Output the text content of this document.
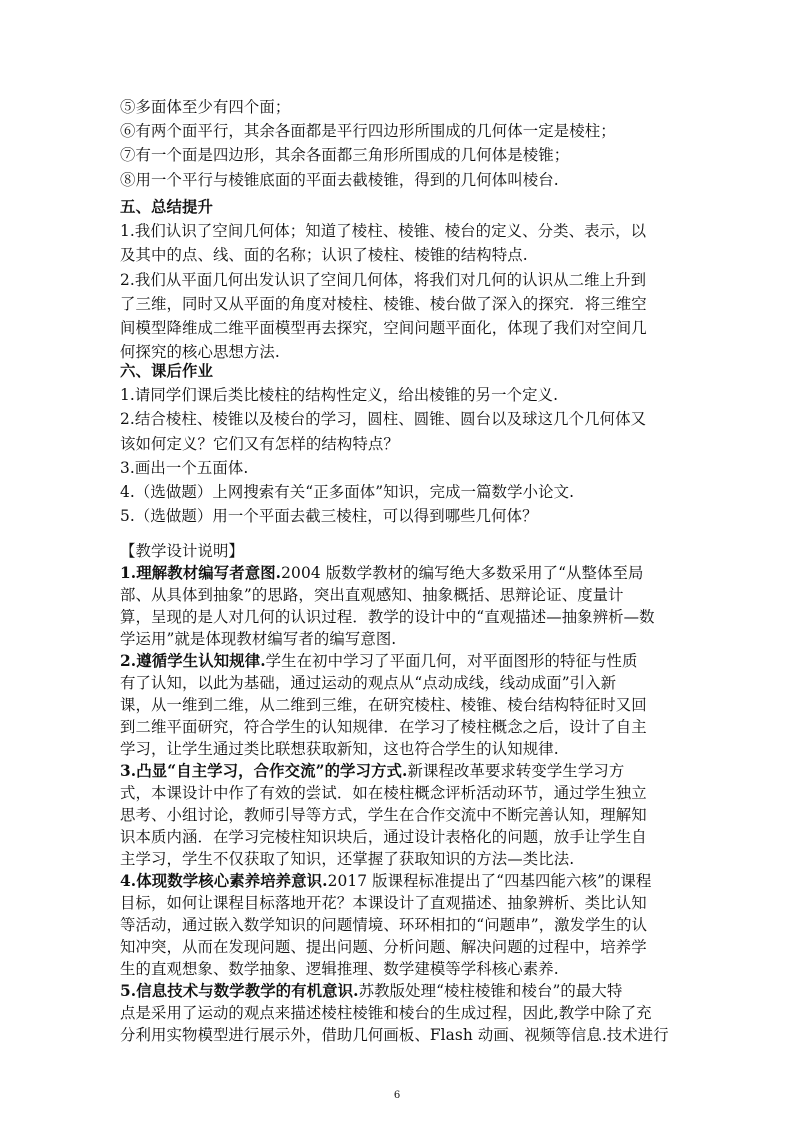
⑤多面体至少有四个面；
⑥有两个面平行，其余各面都是平行四边形所围成的几何体一定是棱柱；
⑦有一个面是四边形，其余各面都三角形所围成的几何体是棱锥；
⑧用一个平行与棱锥底面的平面去截棱锥，得到的几何体叫棱台.
五、总结提升
1.我们认识了空间几何体；知道了棱柱、棱锥、棱台的定义、分类、表示，以
及其中的点、线、面的名称；认识了棱柱、棱锥的结构特点.
2.我们从平面几何出发认识了空间几何体，将我们对几何的认识从二维上升到
了三维，同时又从平面的角度对棱柱、棱锥、棱台做了深入的探究．将三维空
间模型降维成二维平面模型再去探究，空间问题平面化，体现了我们对空间几
何探究的核心思想方法.
六、课后作业
1.请同学们课后类比棱柱的结构性定义，给出棱锥的另一个定义.
2.结合棱柱、棱锥以及棱台的学习，圆柱、圆锥、圆台以及球这几个几何体又
该如何定义？它们又有怎样的结构特点？
3.画出一个五面体.
4.（选做题）上网搜索有关“正多面体”知识，完成一篇数学小论文.
5.（选做题）用一个平面去截三棱柱，可以得到哪些几何体？
【教学设计说明】
1.理解教材编写者意图.2004 版数学教材的编写绝大多数采用了“从整体至局
部、从具体到抽象”的思路，突出直观感知、抽象概括、思辩论证、度量计
算，呈现的是人对几何的认识过程．教学的设计中的“直观描述—抽象辨析—数
学运用”就是体现教材编写者的编写意图.
2.遵循学生认知规律.学生在初中学习了平面几何，对平面图形的特征与性质
有了认知，以此为基础，通过运动的观点从“点动成线，线动成面”引入新
课，从一维到二维，从二维到三维，在研究棱柱、棱锥、棱台结构特征时又回
到二维平面研究，符合学生的认知规律．在学习了棱柱概念之后，设计了自主
学习，让学生通过类比联想获取新知，这也符合学生的认知规律.
3.凸显“自主学习，合作交流”的学习方式.新课程改革要求转变学生学习方
式，本课设计中作了有效的尝试．如在棱柱概念评析活动环节，通过学生独立
思考、小组讨论，教师引导等方式，学生在合作交流中不断完善认知，理解知
识本质内涵．在学习完棱柱知识块后，通过设计表格化的问题，放手让学生自
主学习，学生不仅获取了知识，还掌握了获取知识的方法—类比法.
4.体现数学核心素养培养意识.2017 版课程标准提出了“四基四能六核”的课程
目标，如何让课程目标落地开花？本课设计了直观描述、抽象辨析、类比认知
等活动，通过嵌入数学知识的问题情境、环环相扣的“问题串”，激发学生的认
知冲突，从而在发现问题、提出问题、分析问题、解决问题的过程中，培养学
生的直观想象、数学抽象、逻辑推理、数学建模等学科核心素养.
5.信息技术与数学教学的有机意识.苏教版处理“棱柱棱锥和棱台”的最大特
点是采用了运动的观点来描述棱柱棱锥和棱台的生成过程，因此,教学中除了充
分利用实物模型进行展示外，借助几何画板、Flash 动画、视频等信息.技术进行
6
